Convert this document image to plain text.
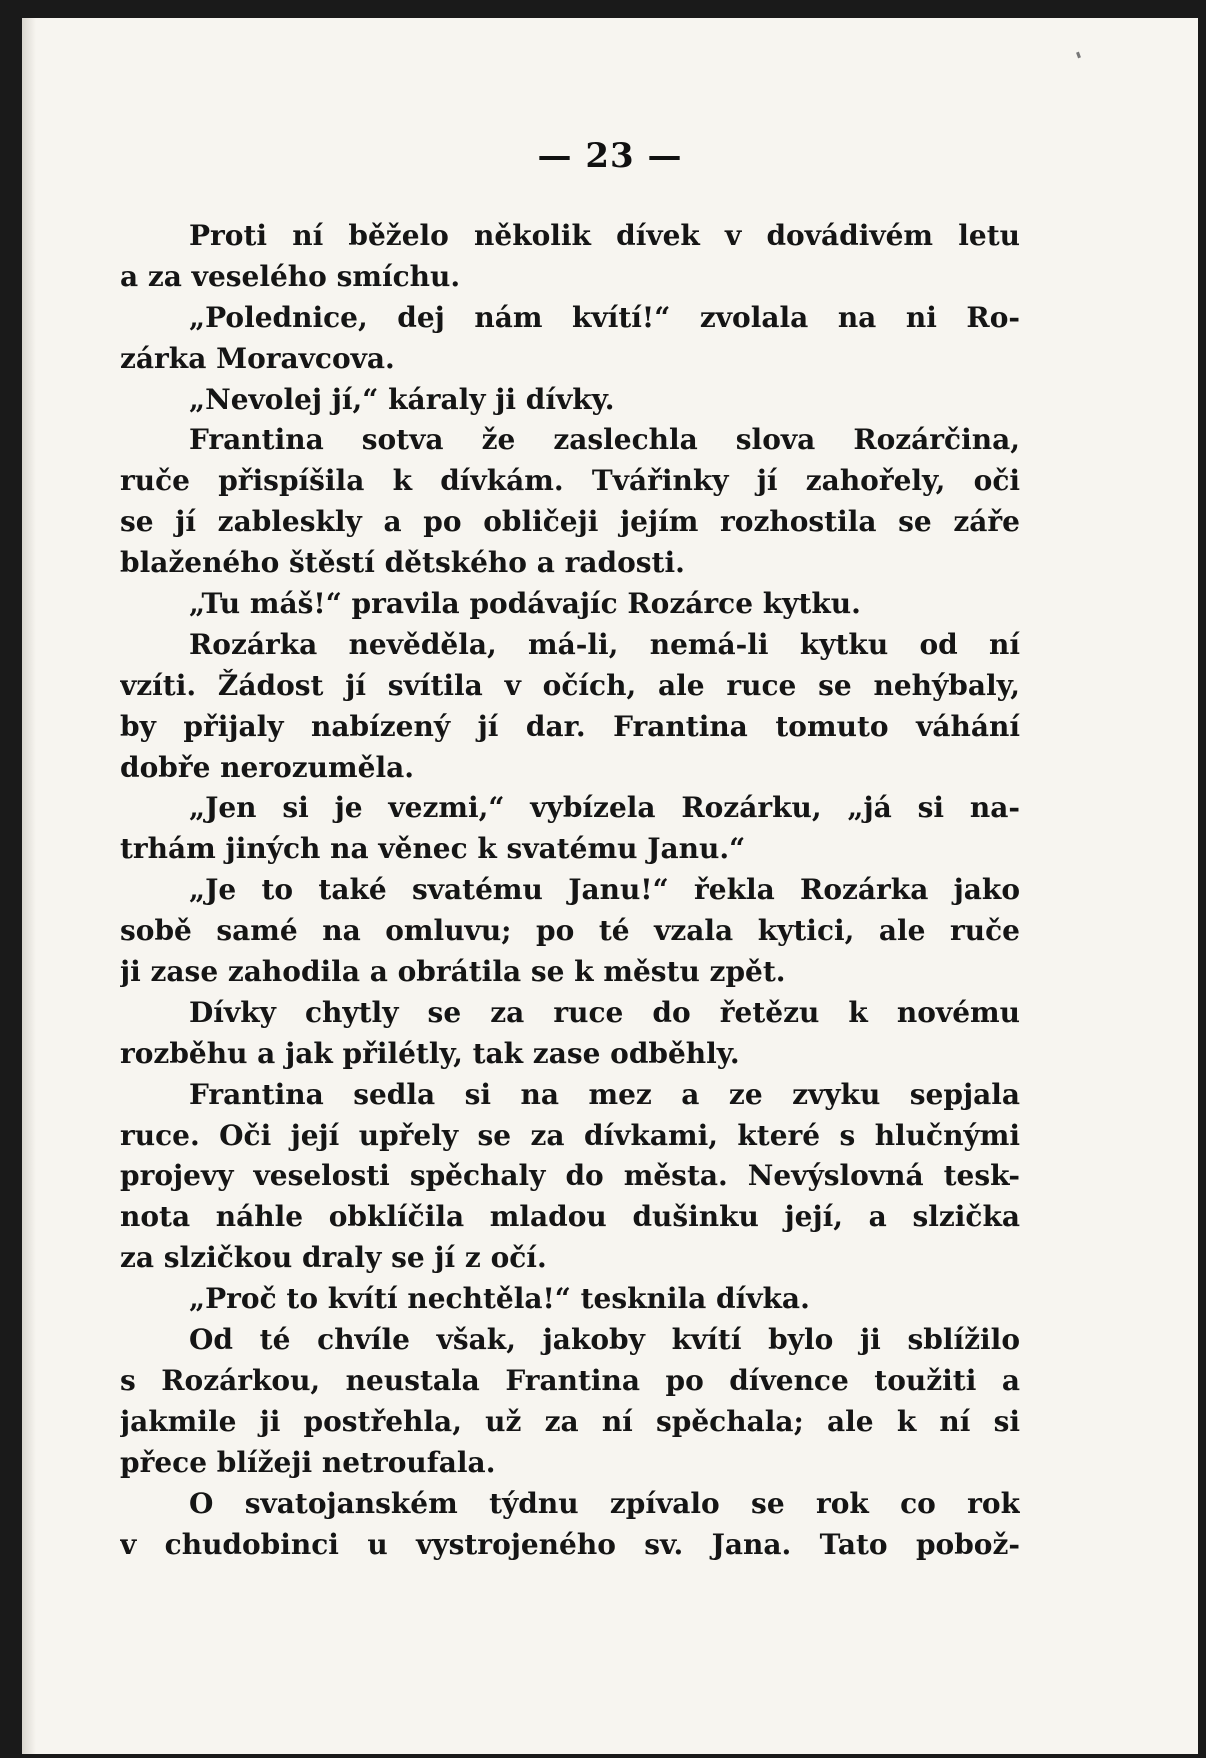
— 23 —
Proti ní běželo několik dívek v dovádivém letu
a za veselého smíchu.
„Polednice, dej nám kvítí!“ zvolala na ni Ro-
zárka Moravcova.
„Nevolej jí,“ káraly ji dívky.
Frantina sotva že zaslechla slova Rozárčina,
ruče přispíšila k dívkám. Tvářinky jí zahořely, oči
se jí zableskly a po obličeji jejím rozhostila se záře
blaženého štěstí dětského a radosti.
„Tu máš!“ pravila podávajíc Rozárce kytku.
Rozárka nevěděla, má-li, nemá-li kytku od ní
vzíti. Žádost jí svítila v očích, ale ruce se nehýbaly,
by přijaly nabízený jí dar. Frantina tomuto váhání
dobře nerozuměla.
„Jen si je vezmi,“ vybízela Rozárku, „já si na-
trhám jiných na věnec k svatému Janu.“
„Je to také svatému Janu!“ řekla Rozárka jako
sobě samé na omluvu; po té vzala kytici, ale ruče
ji zase zahodila a obrátila se k městu zpět.
Dívky chytly se za ruce do řetězu k novému
rozběhu a jak přilétly, tak zase odběhly.
Frantina sedla si na mez a ze zvyku sepjala
ruce. Oči její upřely se za dívkami, které s hlučnými
projevy veselosti spěchaly do města. Nevýslovná tesk-
nota náhle obklíčila mladou dušinku její, a slzička
za slzičkou draly se jí z očí.
„Proč to kvítí nechtěla!“ tesknila dívka.
Od té chvíle však, jakoby kvítí bylo ji sblížilo
s Rozárkou, neustala Frantina po dívence toužiti a
jakmile ji postřehla, už za ní spěchala; ale k ní si
přece blížeji netroufala.
O svatojanském týdnu zpívalo se rok co rok
v chudobinci u vystrojeného sv. Jana. Tato pobož-
